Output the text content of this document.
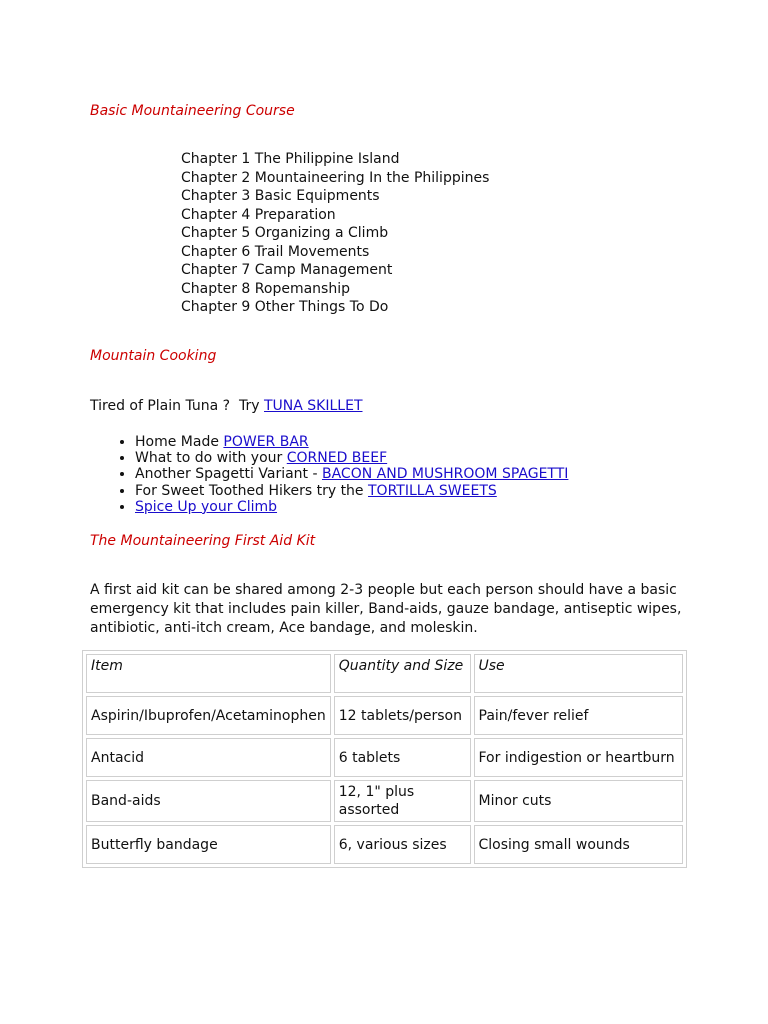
Basic Mountaineering Course
Chapter 1 The Philippine Island
Chapter 2 Mountaineering In the Philippines
Chapter 3 Basic Equipments
Chapter 4 Preparation
Chapter 5 Organizing a Climb
Chapter 6 Trail Movements
Chapter 7 Camp Management
Chapter 8 Ropemanship
Chapter 9 Other Things To Do
Mountain Cooking

Tired of Plain Tuna ?  Try TUNA SKILLET

• Home Made POWER BAR
• What to do with your CORNED BEEF
• Another Spagetti Variant - BACON AND MUSHROOM SPAGETTI
• For Sweet Toothed Hikers try the TORTILLA SWEETS
• Spice Up your Climb
The Mountaineering First Aid Kit

A first aid kit can be shared among 2-3 people but each person should have a basic emergency kit that includes pain killer, Band-aids, gauze bandage, antiseptic wipes, antibiotic, anti-itch cream, Ace bandage, and moleskin.

Item	Quantity and Size	Use
Aspirin/Ibuprofen/Acetaminophen	12 tablets/person	Pain/fever relief
Antacid	6 tablets	For indigestion or heartburn
Band-aids	12, 1" plus assorted	Minor cuts
Butterfly bandage	6, various sizes	Closing small wounds
